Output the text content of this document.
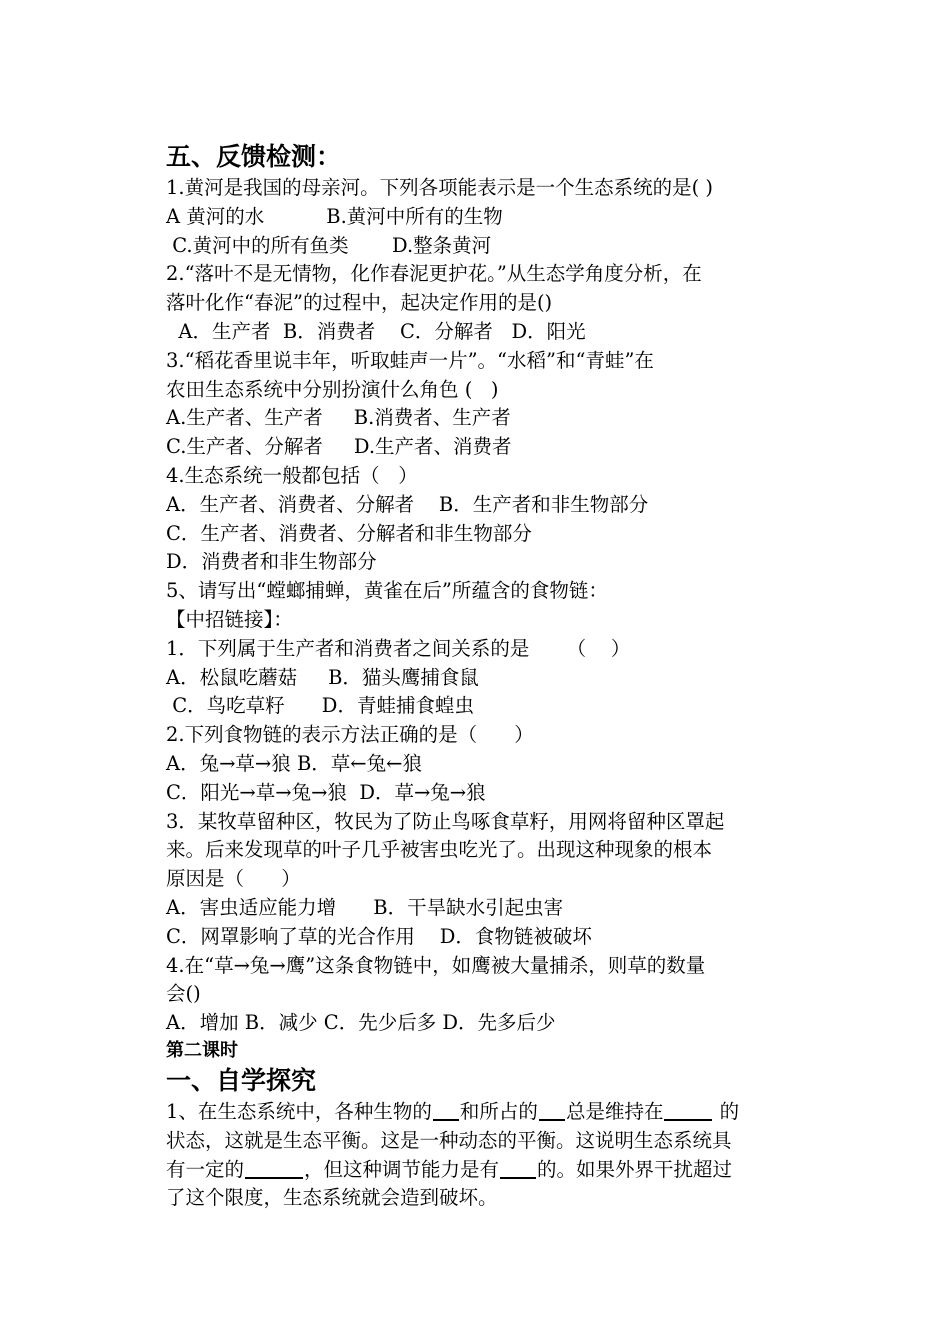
五、反馈检测：
1.黄河是我国的母亲河。下列各项能表示是一个生态系统的是( )
A 黄河的水          B.黄河中所有的生物
C.黄河中的所有鱼类       D.整条黄河
2.“落叶不是无情物，化作春泥更护花。”从生态学角度分析，在
落叶化作“春泥”的过程中，起决定作用的是()
A．生产者  B．消费者    C．分解者   D．阳光
3.“稻花香里说丰年，听取蛙声一片”。“水稻”和“青蛙”在
农田生态系统中分别扮演什么角色 (   )
A.生产者、生产者     B.消费者、生产者
C.生产者、分解者     D.生产者、消费者
4.生态系统一般都包括（   ）
A．生产者、消费者、分解者    B．生产者和非生物部分
C．生产者、消费者、分解者和非生物部分
D．消费者和非生物部分
5、请写出“螳螂捕蝉，黄雀在后”所蕴含的食物链：
【中招链接】：
1．下列属于生产者和消费者之间关系的是      （    ）
A．松鼠吃蘑菇     B．猫头鹰捕食鼠
C．鸟吃草籽      D．青蛙捕食蝗虫
2.下列食物链的表示方法正确的是（      ）
A．兔→草→狼 B．草←兔←狼
C．阳光→草→兔→狼  D．草→兔→狼
3．某牧草留种区，牧民为了防止鸟啄食草籽，用网将留种区罩起
来。后来发现草的叶子几乎被害虫吃光了。出现这种现象的根本
原因是（      ）
A．害虫适应能力增      B．干旱缺水引起虫害
C．网罩影响了草的光合作用    D．食物链被破坏
4.在“草→兔→鹰”这条食物链中，如鹰被大量捕杀，则草的数量
会()
A．增加 B．减少 C．先少后多 D．先多后少
第二课时
一、自学探究
1、在生态系统中，各种生物的 和所占的 总是维持在	的
状态，这就是生态平衡。这是一种动态的平衡。这说明生态系统具
有一定的	，但这种调节能力是有 的。如果外界干扰超过
了这个限度，生态系统就会造到破坏。
